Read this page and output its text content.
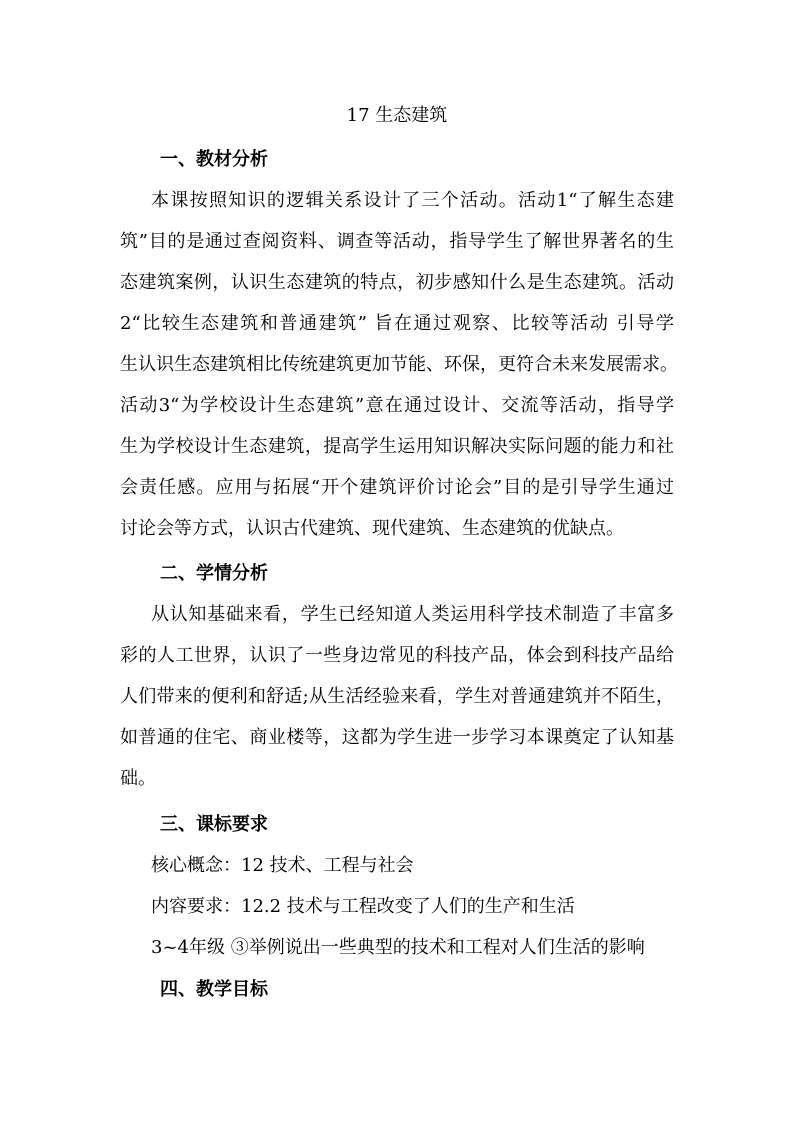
17 生态建筑
一、教材分析
本课按照知识的逻辑关系设计了三个活动。活动1“了解生态建
筑”目的是通过查阅资料、调查等活动，指导学生了解世界著名的生
态建筑案例，认识生态建筑的特点，初步感知什么是生态建筑。活动
2“比较生态建筑和普通建筑” 旨在通过观察、比较等活动 引导学
生认识生态建筑相比传统建筑更加节能、环保，更符合未来发展需求。
活动3“为学校设计生态建筑”意在通过设计、交流等活动，指导学
生为学校设计生态建筑，提高学生运用知识解决实际问题的能力和社
会责任感。应用与拓展“开个建筑评价讨论会”目的是引导学生通过
讨论会等方式，认识古代建筑、现代建筑、生态建筑的优缺点。
二、学情分析
从认知基础来看，学生已经知道人类运用科学技术制造了丰富多
彩的人工世界，认识了一些身边常见的科技产品，体会到科技产品给
人们带来的便利和舒适;从生活经验来看，学生对普通建筑并不陌生，
如普通的住宅、商业楼等，这都为学生进一步学习本课奠定了认知基
础。
三、课标要求
核心概念：12 技术、工程与社会
内容要求：12.2 技术与工程改变了人们的生产和生活
3~4年级 ③举例说出一些典型的技术和工程对人们生活的影响
四、教学目标
